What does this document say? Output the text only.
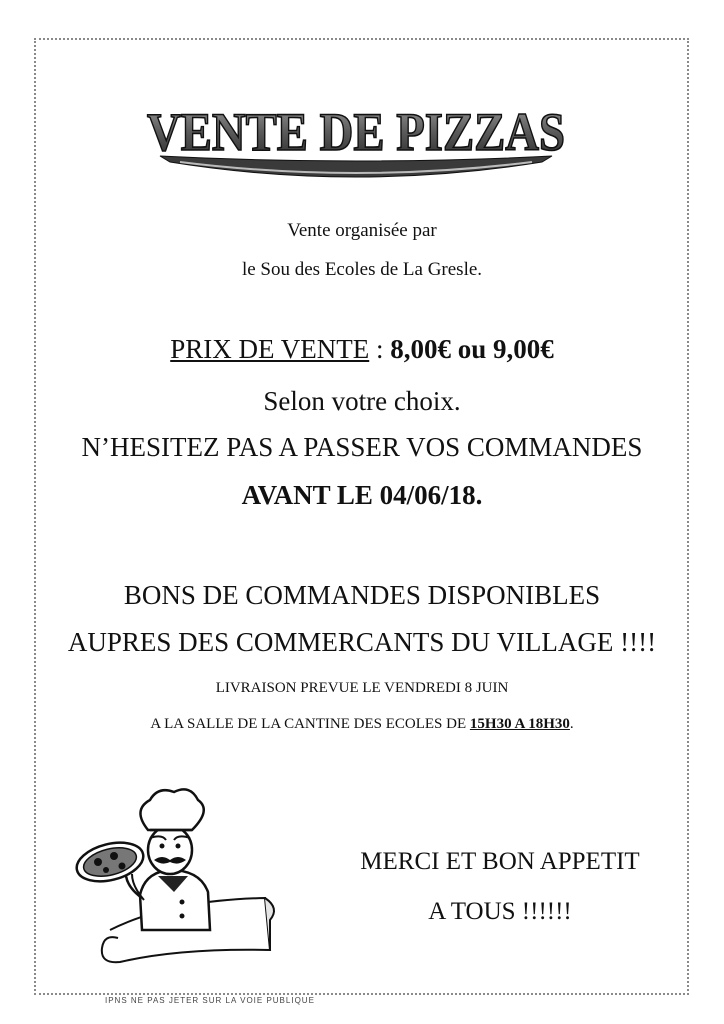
VENTE DE PIZZAS
Vente organisée par
le Sou des Ecoles de La Gresle.
PRIX DE VENTE : 8,00€ ou 9,00€
Selon votre choix.
N’HESITEZ PAS A PASSER VOS COMMANDES
AVANT LE 04/06/18.
BONS DE COMMANDES DISPONIBLES
AUPRES DES COMMERCANTS DU VILLAGE !!!!
LIVRAISON PREVUE LE VENDREDI 8 JUIN
A LA SALLE DE LA CANTINE DES ECOLES DE 15H30 A 18H30.
MERCI ET BON APPETIT
A TOUS !!!!!!
IPNS NE PAS JETER SUR LA VOIE PUBLIQUE
